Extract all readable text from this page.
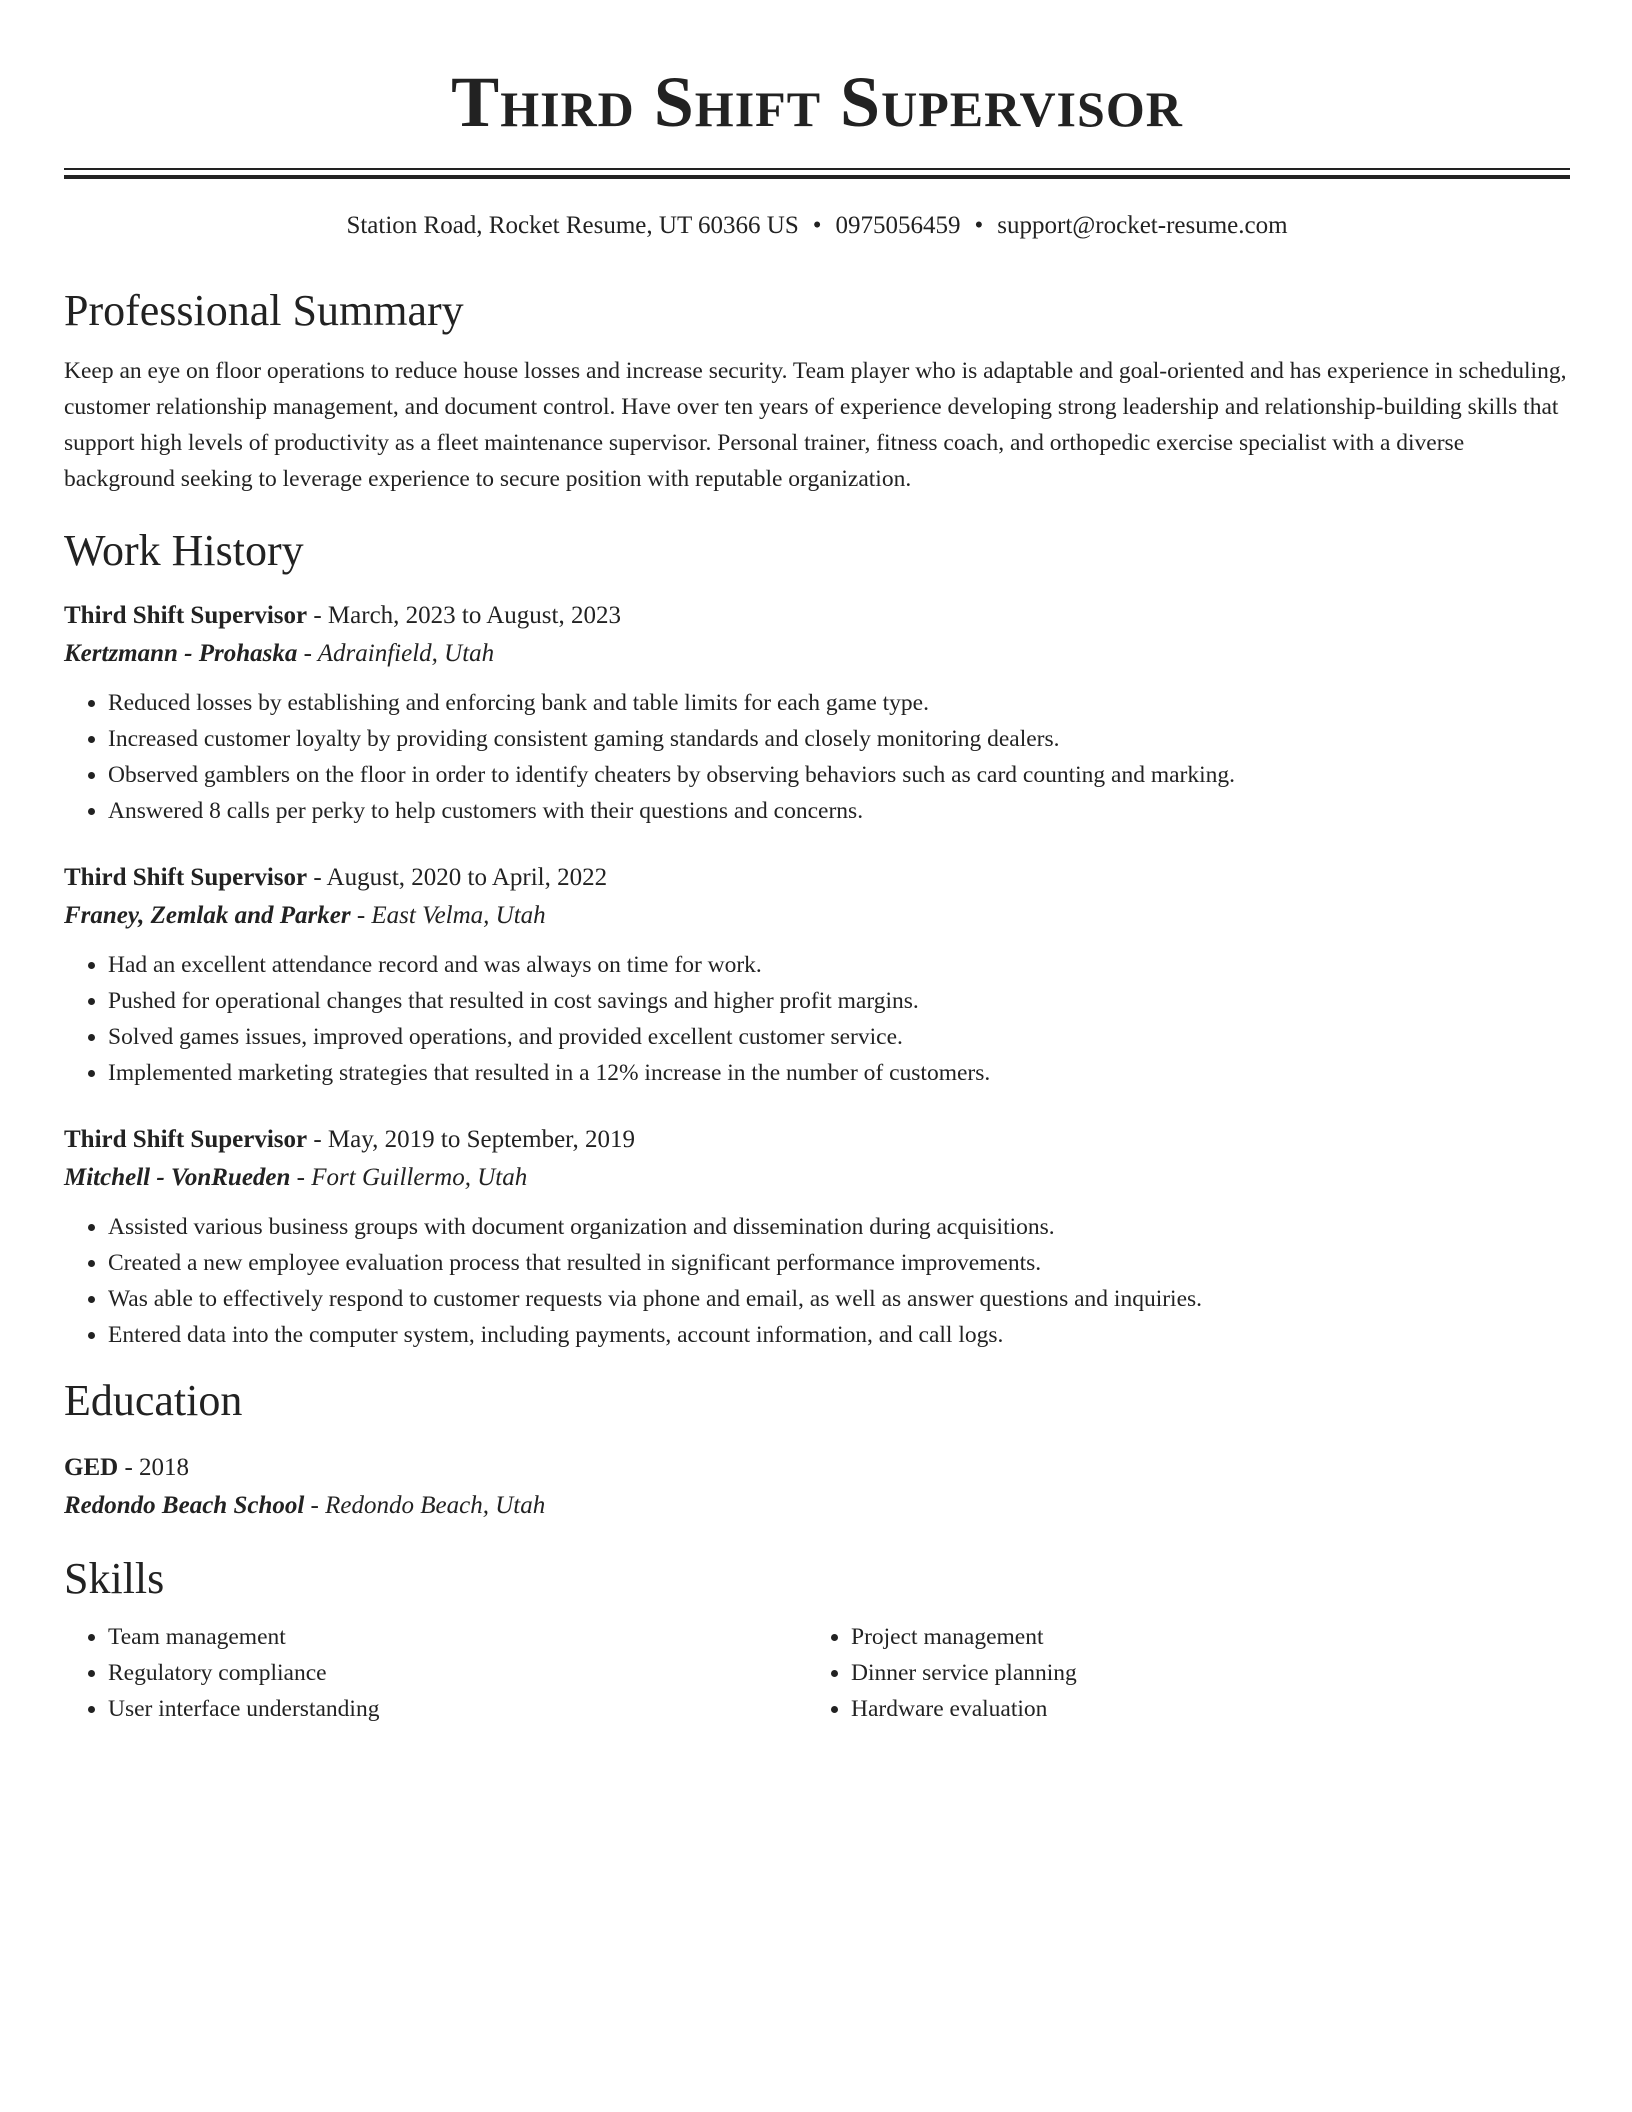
Third Shift Supervisor
Station Road, Rocket Resume, UT 60366 US • 0975056459 • support@rocket-resume.com
Professional Summary
Keep an eye on floor operations to reduce house losses and increase security. Team player who is adaptable and goal-oriented and has experience in scheduling, customer relationship management, and document control. Have over ten years of experience developing strong leadership and relationship-building skills that support high levels of productivity as a fleet maintenance supervisor. Personal trainer, fitness coach, and orthopedic exercise specialist with a diverse background seeking to leverage experience to secure position with reputable organization.
Work History
Third Shift Supervisor - March, 2023 to August, 2023
Kertzmann - Prohaska - Adrainfield, Utah
• Reduced losses by establishing and enforcing bank and table limits for each game type.
• Increased customer loyalty by providing consistent gaming standards and closely monitoring dealers.
• Observed gamblers on the floor in order to identify cheaters by observing behaviors such as card counting and marking.
• Answered 8 calls per perky to help customers with their questions and concerns.
Third Shift Supervisor - August, 2020 to April, 2022
Franey, Zemlak and Parker - East Velma, Utah
• Had an excellent attendance record and was always on time for work.
• Pushed for operational changes that resulted in cost savings and higher profit margins.
• Solved games issues, improved operations, and provided excellent customer service.
• Implemented marketing strategies that resulted in a 12% increase in the number of customers.
Third Shift Supervisor - May, 2019 to September, 2019
Mitchell - VonRueden - Fort Guillermo, Utah
• Assisted various business groups with document organization and dissemination during acquisitions.
• Created a new employee evaluation process that resulted in significant performance improvements.
• Was able to effectively respond to customer requests via phone and email, as well as answer questions and inquiries.
• Entered data into the computer system, including payments, account information, and call logs.
Education
GED - 2018
Redondo Beach School - Redondo Beach, Utah
Skills
• Team management
• Regulatory compliance
• User interface understanding
• Project management
• Dinner service planning
• Hardware evaluation
